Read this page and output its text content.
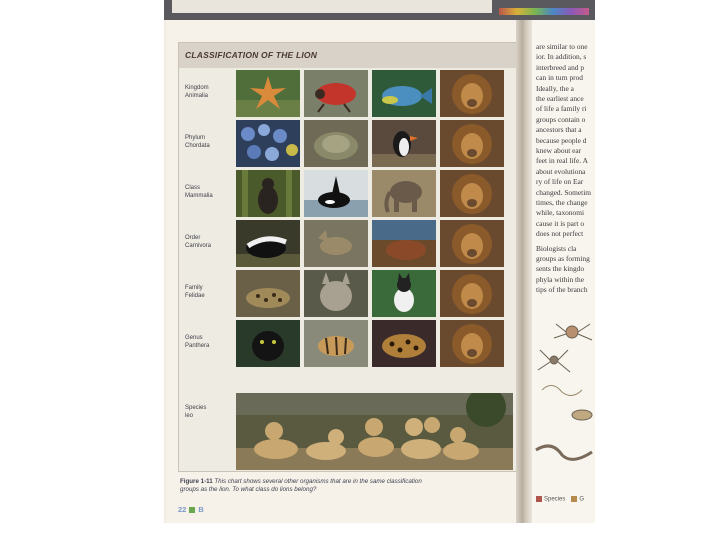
CLASSIFICATION OF THE LION
Kingdom
Animalia
Phylum
Chordata
Class
Mammalia
Order
Carnivora
Family
Felidae
Genus
Panthera
Species
leo
Figure 1-11 This chart shows several other organisms that are in the same classification groups as the lion. To what class do lions belong?
22 B
are similar to one
ior. In addition, s
interbreed and p
can in turn prod
Ideally, the a
the earliest ance
of life a family ri
groups contain o
ancestors that a
because people d
knew about ear
feet in real life. A
about evolutiona
ry of life on Ear
changed. Sometim
times, the change
while, taxonomi
cause it is part o
does not perfect
Biologists cla
groups as forming
sents the kingdo
phyla within the
tips of the branch
Species G
